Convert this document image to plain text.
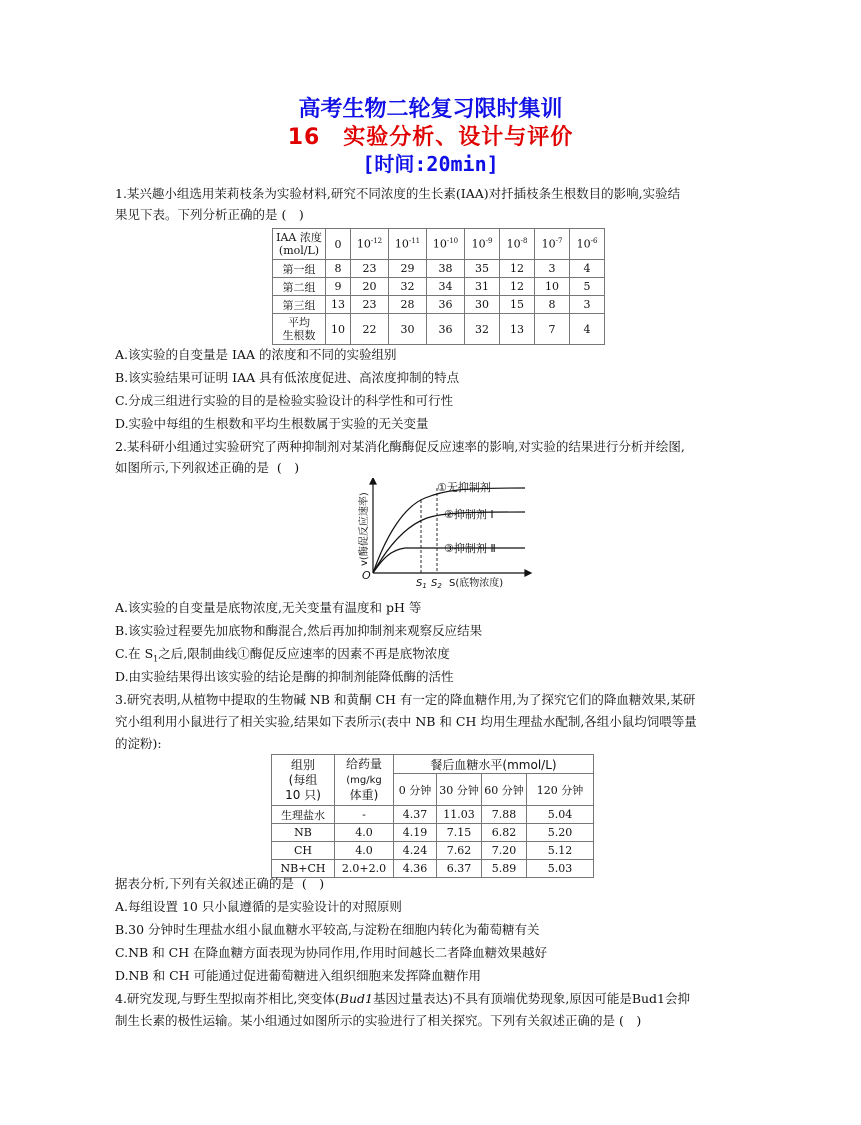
高考生物二轮复习限时集训
16　实验分析、设计与评价
[时间:20min]
1.某兴趣小组选用茉莉枝条为实验材料,研究不同浓度的生长素(IAA)对扦插枝条生根数目的影响,实验结
果见下表。下列分析正确的是 (　)
IAA 浓度
(mol/L)	0	$10^{-12}$	$10^{-11}$	$10^{-10}$	$10^{-9}$	$10^{-8}$	$10^{-7}$	$10^{-6}$
第一组	8	23	29	38	35	12	3	4
第二组	9	20	32	34	31	12	10	5
第三组	13	23	28	36	30	15	8	3
平均
生根数	10	22	30	36	32	13	7	4
A.该实验的自变量是 IAA 的浓度和不同的实验组别
B.该实验结果可证明 IAA 具有低浓度促进、高浓度抑制的特点
C.分成三组进行实验的目的是检验实验设计的科学性和可行性
D.实验中每组的生根数和平均生根数属于实验的无关变量
2.某科研小组通过实验研究了两种抑制剂对某消化酶酶促反应速率的影响,对实验的结果进行分析并绘图,
如图所示,下列叙述正确的是  (　)
①无抑制剂
②抑制剂 Ⅰ
③抑制剂 Ⅱ
O
$S_1$ $S_2$ S(底物浓度)
v(酶促反应速率)
A.该实验的自变量是底物浓度,无关变量有温度和 pH 等
B.该实验过程要先加底物和酶混合,然后再加抑制剂来观察反应结果
C.在 $S_1$之后,限制曲线①酶促反应速率的因素不再是底物浓度
D.由实验结果得出该实验的结论是酶的抑制剂能降低酶的活性
3.研究表明,从植物中提取的生物碱 NB 和黄酮 CH 有一定的降血糖作用,为了探究它们的降血糖效果,某研
究小组利用小鼠进行了相关实验,结果如下表所示(表中 NB 和 CH 均用生理盐水配制,各组小鼠均饲喂等量
的淀粉):
组别
(每组
10 只)	给药量
(mg/kg
体重)	餐后血糖水平(mmol/L)			
		0 分钟	30 分钟	60 分钟	120 分钟
生理盐水	-	4.37	11.03	7.88	5.04
NB	4.0	4.19	7.15	6.82	5.20
CH	4.0	4.24	7.62	7.20	5.12
NB+CH	2.0+2.0	4.36	6.37	5.89	5.03
据表分析,下列有关叙述正确的是  (　)
A.每组设置 10 只小鼠遵循的是实验设计的对照原则
B.30 分钟时生理盐水组小鼠血糖水平较高,与淀粉在细胞内转化为葡萄糖有关
C.NB 和 CH 在降血糖方面表现为协同作用,作用时间越长二者降血糖效果越好
D.NB 和 CH 可能通过促进葡萄糖进入组织细胞来发挥降血糖作用
4.研究发现,与野生型拟南芥相比,突变体(Bud1基因过量表达)不具有顶端优势现象,原因可能是Bud1会抑
制生长素的极性运输。某小组通过如图所示的实验进行了相关探究。下列有关叙述正确的是 (　)
